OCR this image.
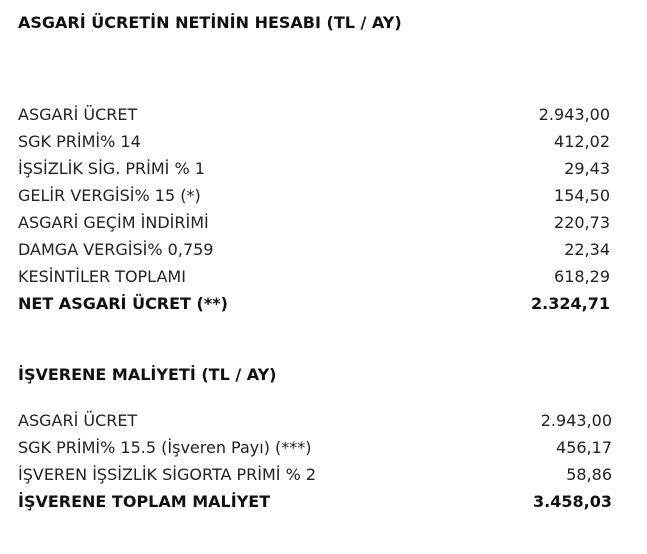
ASGARİ ÜCRETİN NETİNİN HESABI (TL / AY)
ASGARİ ÜCRET	2.943,00
SGK PRİMİ% 14	412,02
İŞSİZLİK SİG. PRİMİ % 1	29,43
GELİR VERGİSİ% 15 (*)	154,50
ASGARİ GEÇİM İNDİRİMİ	220,73
DAMGA VERGİSİ% 0,759	22,34
KESİNTİLER TOPLAMI	618,29
NET ASGARİ ÜCRET (**)	2.324,71
İŞVERENE MALİYETİ (TL / AY)
ASGARİ ÜCRET	2.943,00
SGK PRİMİ% 15.5 (İşveren Payı) (***)	456,17
İŞVEREN İŞSİZLİK SİGORTA PRİMİ % 2	58,86
İŞVERENE TOPLAM MALİYET	3.458,03
